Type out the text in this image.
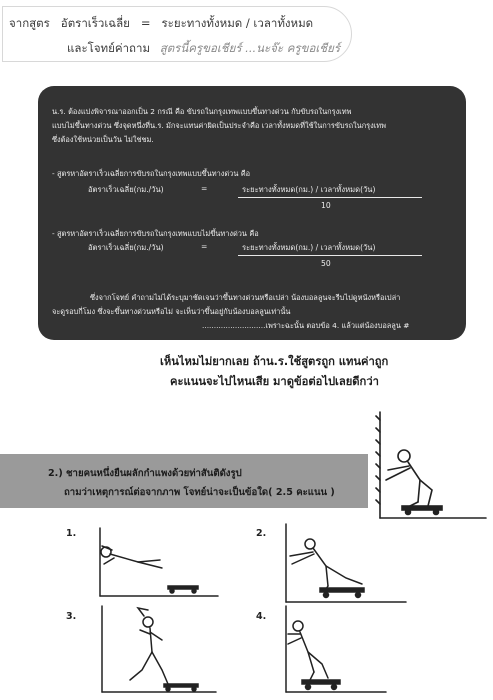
จากสูตร อัตราเร็วเฉลี่ย = ระยะทางทั้งหมด / เวลาทั้งหมด
และโจทย์ค่าถาม สูตรนี้ครูขอเชียร์ ...นะจ๊ะ ครูขอเชียร์
น.ร. ต้องแบ่งพิจารณาออกเป็น 2 กรณี คือ ขับรถในกรุงเทพแบบขึ้นทางด่วน กับขับรถในกรุงเทพ
แบบไม่ขึ้นทางด่วน ซึ่งจุดหนึ่งที่น.ร. มักจะแทนค่าผิดเป็นประจำคือ เวลาทั้งหมดที่ใช้ในการขับรถในกรุงเทพ
ซึ่งต้องใช้หน่วยเป็นวัน ไม่ใช่ชม.
- สูตรหาอัตราเร็วเฉลี่ยการขับรถในกรุงเทพแบบขึ้นทางด่วน คือ
อัตราเร็วเฉลี่ย(กม./วัน)	=	ระยะทางทั้งหมด(กม.) / เวลาทั้งหมด(วัน)
10
- สูตรหาอัตราเร็วเฉลี่ยการขับรถในกรุงเทพแบบไม่ขึ้นทางด่วน คือ
อัตราเร็วเฉลี่ย(กม./วัน)	=	ระยะทางทั้งหมด(กม.) / เวลาทั้งหมด(วัน)
50
ซึ่งจากโจทย์ คำถามไม่ได้ระบุมาชัดเจนว่าขึ้นทางด่วนหรือเปล่า น้องบอลลูนจะรีบไปดูหนังหรือเปล่า
จะดูรอบกี่โมง ซึ่งจะขึ้นทางด่วนหรือไม่ จะเห็นว่าขึ้นอยู่กับน้องบอลลูนเท่านั้น
...........................เพราะฉะนั้น ตอบข้อ 4. แล้วแต่น้องบอลลูน #
เห็นไหมไม่ยากเลย ถ้าน.ร.ใช้สูตรถูก แทนค่าถูก
คะแนนจะไปไหนเสีย มาดูข้อต่อไปเลยดีกว่า
2.) ชายคนหนึ่งยืนผลักกำแพงด้วยท่าสันติดังรูป
ถามว่าเหตุการณ์ต่อจากภาพ โจทย์น่าจะเป็นข้อใด( 2.5 คะแนน )
1.	2.
3.	4.
